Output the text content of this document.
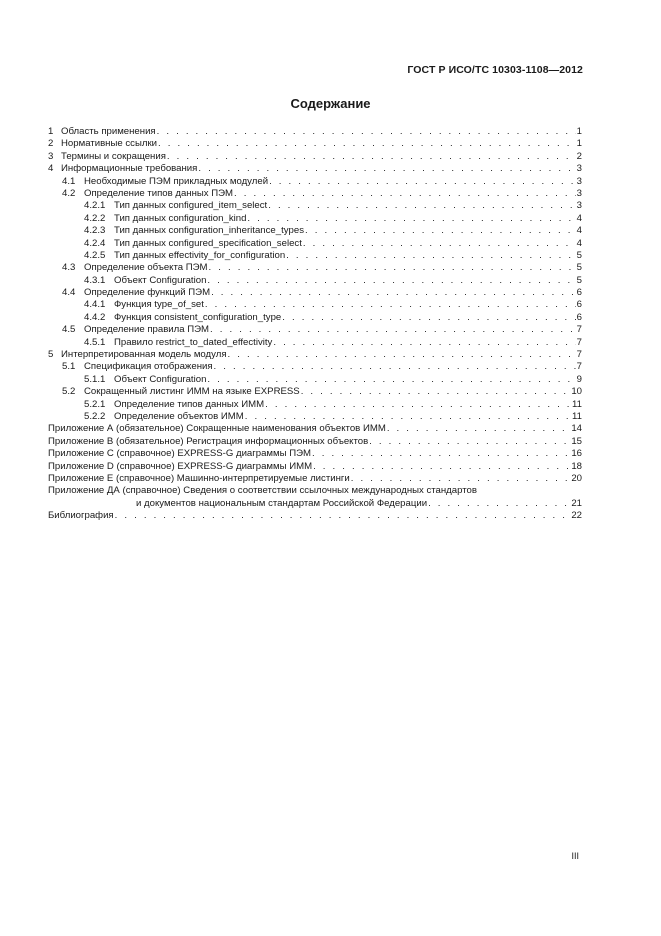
ГОСТ Р ИСО/ТС 10303-1108—2012
Содержание
1 Область применения . . .	1
2 Нормативные ссылки . . .	1
3 Термины и сокращения . . .	2
4 Информационные требования . . .	3
4.1 Необходимые ПЭМ прикладных модулей . . .	3
4.2 Определение типов данных ПЭМ . . .	3
4.2.1 Тип данных configured_item_select . . .	3
4.2.2 Тип данных configuration_kind . . .	4
4.2.3 Тип данных configuration_inheritance_types . . .	4
4.2.4 Тип данных configured_specification_select . . .	4
4.2.5 Тип данных effectivity_for_configuration . . .	5
4.3 Определение объекта ПЭМ . . .	5
4.3.1 Объект Configuration . . .	5
4.4 Определение функций ПЭМ . . .	6
4.4.1 Функция type_of_set . . .	6
4.4.2 Функция consistent_configuration_type . . .	6
4.5 Определение правила ПЭМ . . .	7
4.5.1 Правило restrict_to_dated_effectivity . . .	7
5 Интерпретированная модель модуля . . .	7
5.1 Спецификация отображения . . .	7
5.1.1 Объект Configuration . . .	9
5.2 Сокращенный листинг ИММ на языке EXPRESS . . .	10
5.2.1 Определение типов данных ИММ . . .	11
5.2.2 Определение объектов ИММ . . .	11
Приложение А (обязательное) Сокращенные наименования объектов ИММ . . .	14
Приложение В (обязательное) Регистрация информационных объектов . . .	15
Приложение С (справочное) EXPRESS-G диаграммы ПЭМ . . .	16
Приложение D (справочное) EXPRESS-G диаграммы ИММ . . .	18
Приложение Е (справочное) Машинно-интерпретируемые листинги . . .	20
Приложение ДА (справочное) Сведения о соответствии ссылочных международных стандартов
и документов национальным стандартам Российской Федерации . . .	21
Библиография . . .	22
III
